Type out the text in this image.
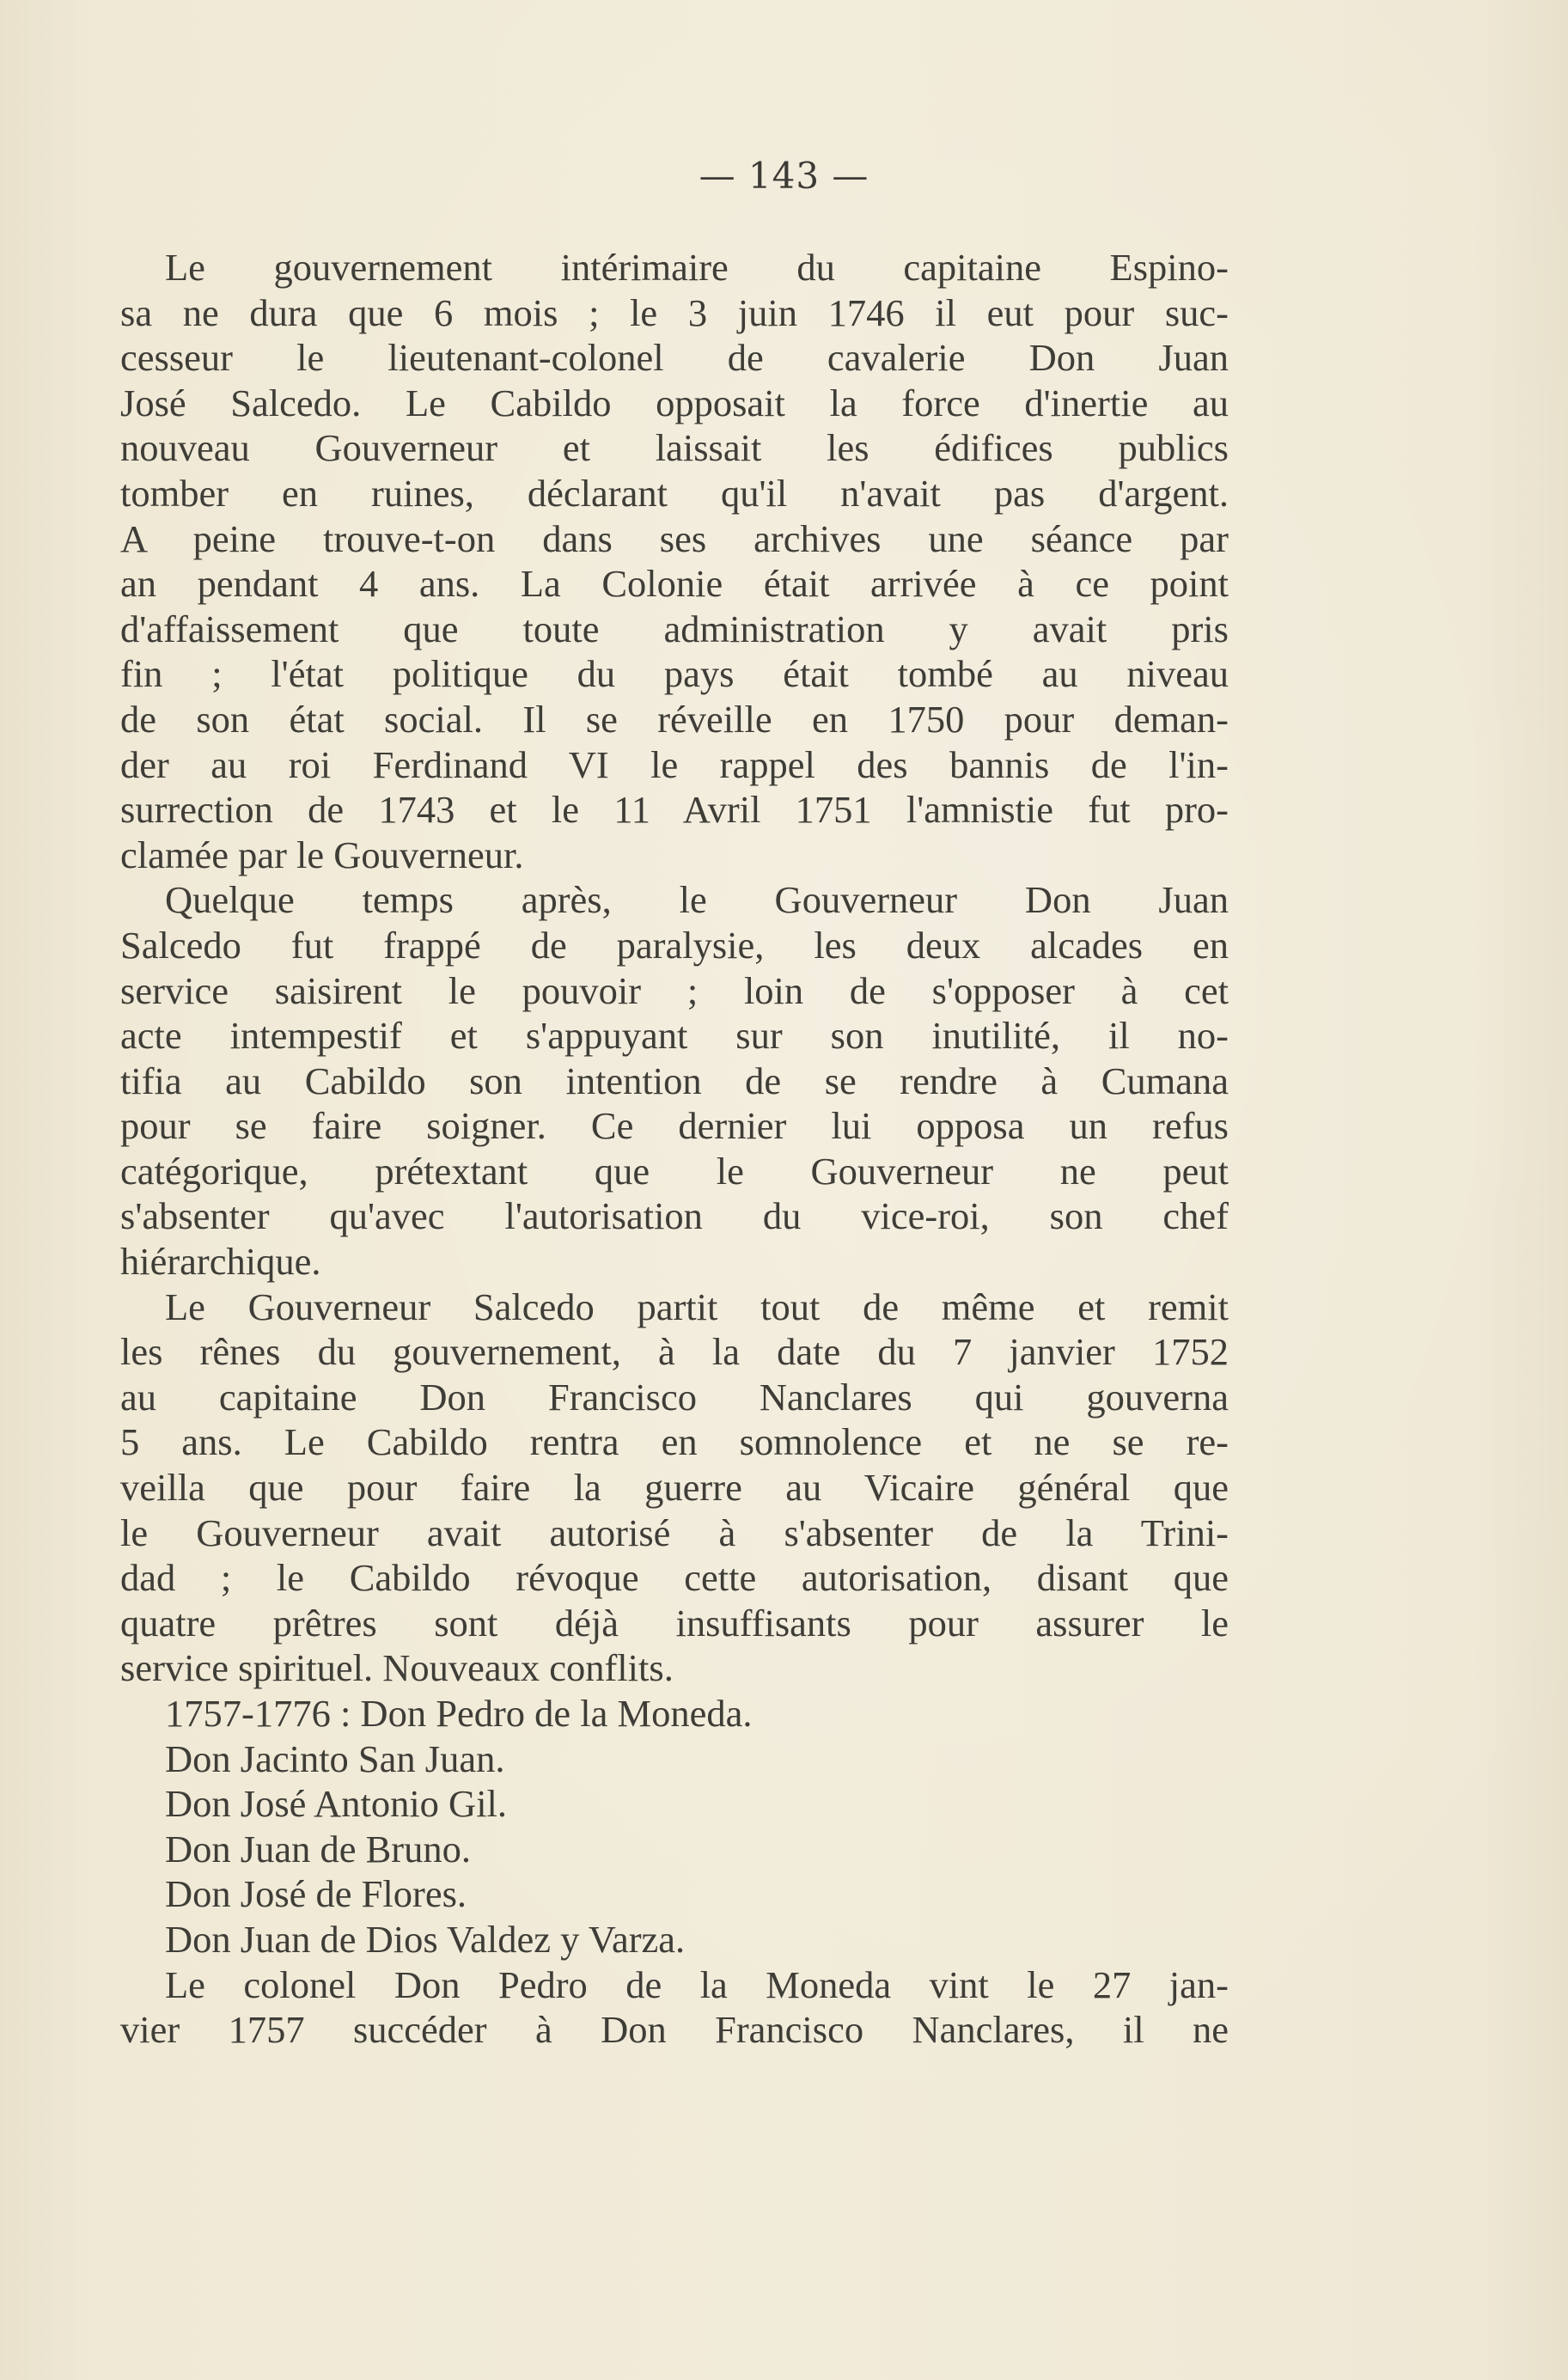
— 143 —
Le gouvernement intérimaire du capitaine Espino-
sa ne dura que 6 mois ; le 3 juin 1746 il eut pour suc-
cesseur le lieutenant-colonel de cavalerie Don Juan
José Salcedo. Le Cabildo opposait la force d'inertie au
nouveau Gouverneur et laissait les édifices publics
tomber en ruines, déclarant qu'il n'avait pas d'argent.
A peine trouve-t-on dans ses archives une séance par
an pendant 4 ans. La Colonie était arrivée à ce point
d'affaissement que toute administration y avait pris
fin ; l'état politique du pays était tombé au niveau
de son état social. Il se réveille en 1750 pour deman-
der au roi Ferdinand VI le rappel des bannis de l'in-
surrection de 1743 et le 11 Avril 1751 l'amnistie fut pro-
clamée par le Gouverneur.
Quelque temps après, le Gouverneur Don Juan
Salcedo fut frappé de paralysie, les deux alcades en
service saisirent le pouvoir ; loin de s'opposer à cet
acte intempestif et s'appuyant sur son inutilité, il no-
tifia au Cabildo son intention de se rendre à Cumana
pour se faire soigner. Ce dernier lui opposa un refus
catégorique, prétextant que le Gouverneur ne peut
s'absenter qu'avec l'autorisation du vice-roi, son chef
hiérarchique.
Le Gouverneur Salcedo partit tout de même et remit
les rênes du gouvernement, à la date du 7 janvier 1752
au capitaine Don Francisco Nanclares qui gouverna
5 ans. Le Cabildo rentra en somnolence et ne se re-
veilla que pour faire la guerre au Vicaire général que
le Gouverneur avait autorisé à s'absenter de la Trini-
dad ; le Cabildo révoque cette autorisation, disant que
quatre prêtres sont déjà insuffisants pour assurer le
service spirituel. Nouveaux conflits.
1757-1776 : Don Pedro de la Moneda.
Don Jacinto San Juan.
Don José Antonio Gil.
Don Juan de Bruno.
Don José de Flores.
Don Juan de Dios Valdez y Varza.
Le colonel Don Pedro de la Moneda vint le 27 jan-
vier 1757 succéder à Don Francisco Nanclares, il ne
